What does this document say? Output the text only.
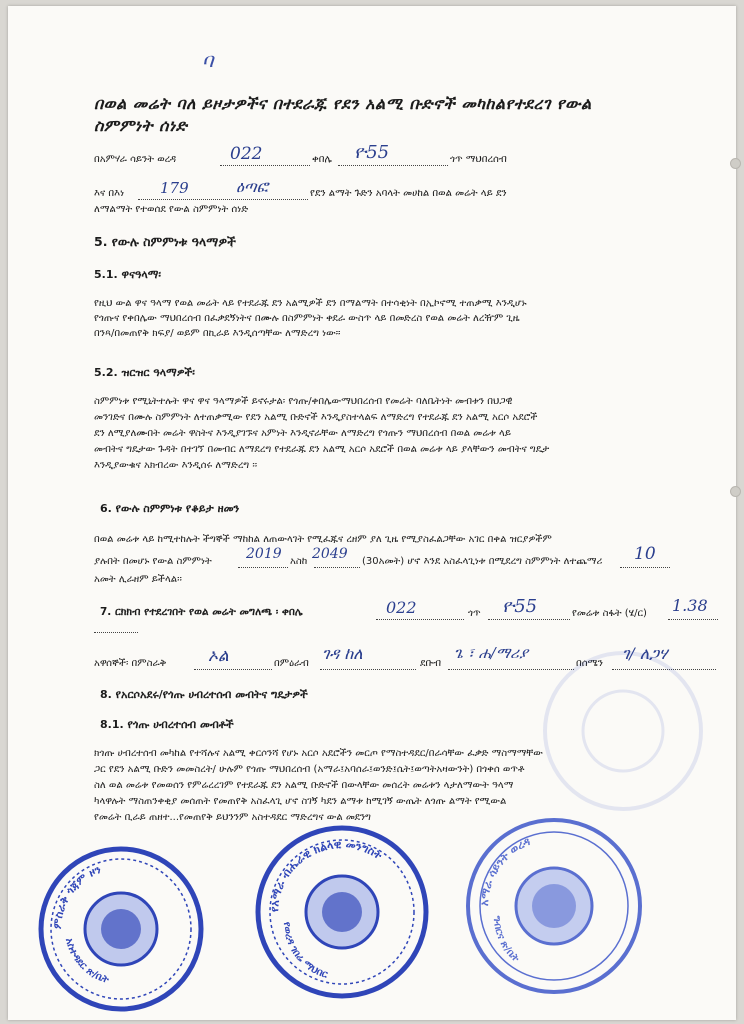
ባ
በወል መሬት ባለ ይዞታዎችና በተደራጁ የደን አልሚ ቡድኖች መካከልየተደረገ የውል
ስምምነት ሰነድ
በአምሃራ ሳይንት ወረዳ	022	ቀበሌ ዮ55	ጎጥ ማህበረሰብ
እና በእነ 179	ዕጣፎ	የደን ልማት ጉድን አባላት መሀከል በወል መሬት ላይ ደን
ለማልማት የተወሰደ የውል ስምምነት ሰነድ
5. የውሉ ስምምነቱ ዓላማዎች
5.1. ዋናዓላማ፡
የዚህ ውል ዋና ዓላማ የወል መሬት ላይ የተደራጁ ደን አልሚዎች ደን በማልማት በተሳቂነት በኢኮኖሚ ተጠቃሚ እንዲሆኑ
የጎጡና የቀበሌው ማህበረሰብ በፈቃደኝነትና በሙሉ በስምምነት ቀደራ ውስጥ ላይ በመድረስ የወል መሬት ለረዥም ጊዜ
በንጻ/በመጠየቅ ክፍያ/ ወይም በኪራይ እንዲሰጣቸው ለማድረግ ነው።
5.2. ዝርዝር ዓላማዎች፡
ስምምነቱ የሚኒትተሉት ዋና ዋና ዓላማዎች ይኖሩታል፡ የጎጡ/ቀበሌውማህበረሰብ የመሬት ባለቤትነት መብቱን በህጋዊ
መንገድና በሙሉ ስምምነት ለተጠቃሚው የደን አልሚ ቡድኖች እንዲያስተላልፍ ለማድረግ የተደራጁ ደን አልሚ አርሶ አደሮች
ደን ለሚያለሙበት መሬት ዋስትና እንዲያገኙና አምነት እንዲኖራቸው ለማድረግ የጎጡን ማህበረሰብ በወል መሬቱ ላይ
መብትና ግዴታው ጉዳት በተገኘ በመብር ለማደረግ የተደራጁ ደን አልሚ አርሶ አደሮች በወል መሬቱ ላይ ያላቸውን መብትና ግዴታ
እንዲያውቁና አክብረው እንዲሰሩ ለማድረግ ፡፡
6. የውሉ ስምምነቱ የቆይታ ዘመን
በወል መሬቱ ላይ ከሚተከሉት ችግኞች ማከከል ለጠውላገት የሚፈጁና ረዘም ያለ ጊዜ የሚያስፈልጋቸው አገር በቀል ዝርያዎችም
ያሉበት በመሆኑ የውል ስምምነት 2019 አስከ 2049 (30አመት) ሆኖ እንደ አስፈላጊነቱ በሚደረግ ስምምነት ለተጨማሪ 10
አመት ሊራዘም ይችላል፡፡
7. ርክክብ የተደረገበት የወል መሬት መግለጫ ፡ ቀበሌ	022	ጎጥ ዮ55	የመሬቱ ስፋት (ሄ/ር) 1.38
አዋሰኞች፡ በምስራቅ ኦል	በምዕራብ
ገዳ ከለ
ደቡብ
ጌ ፣ ሐ/ማሪያ
በሰሜን
ገ/ ለጋሃ
8. የአርሶአደሩ/የጎጡ ሀብረተሰብ መብትና ግዴታዎች
8.1. የጎጡ ሀብረተሰብ መብቶች
ክጎጡ ሀብረተሰብ መካከል የተሻሉና አልሚ ቀርሶንሻ የሆኑ አርሶ አደሮችን መርጦ የማስተዳደር/በራሳቸው ፈቃድ ማስማማቸው
ጋር የደን አልሚ ቡድን መመስረት/ ሁሉም የጎጡ ማህበረሰብ (አማራ፤አባሰራ፤ወንድ፤ሴት፤ወጣትአዛውንት) በጎቀሰ ወጥቶ
ስለ ወል መሬቱ የመወሰን የምሬረረገም የተደራጁ ደን አልሚ ቡድኖች በውላቸው መሰረት መሬቱን ላታለማውት ዓላማ
ካላዋሉት ማስጠንቀቂያ መሰጠት የመጠየቅ አስፈላጊ ሆኖ ስገኝ ካደን ልማቱ ከሚገኝ ውጤት ለጎጡ ልማት የሚውል
የመሬት ቢራይ ጠዘተ...የመጠየቅ ይህንንም አስተዳደር ማድረግና ውል መደንግ
ምስራቅ ጎጃም ዞን
አስተዳደር ጽ/ቤት
የአማራ ብሔራዊ ክልላዊ መንግስት
የወረዳ ገበሬ ማህበር
አማራ ሳይንት ወረዳ
ግብርና ጽ/ቤት
